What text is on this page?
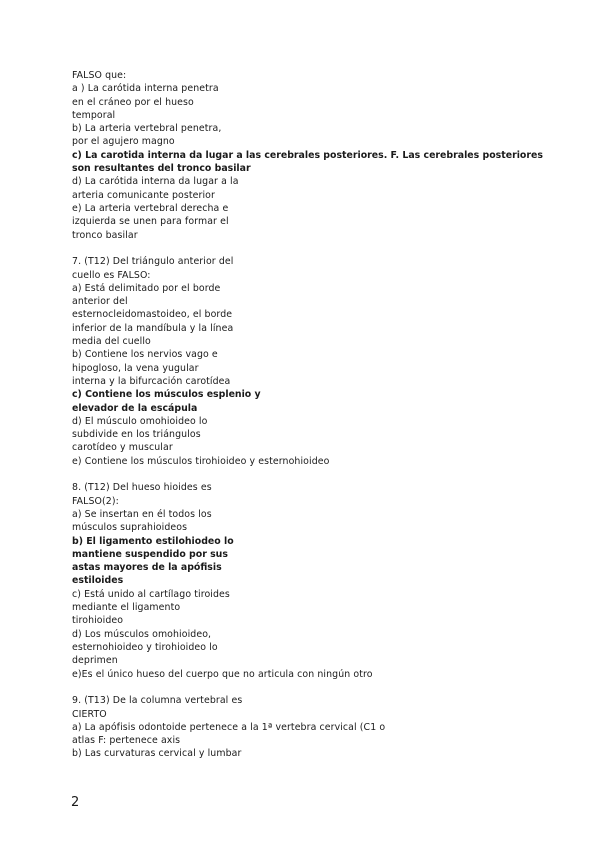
FALSO que:
a ) La carótida interna penetra
en el cráneo por el hueso
temporal
b) La arteria vertebral penetra,
por el agujero magno
c) La carotida interna da lugar a las cerebrales posteriores. F. Las cerebrales posteriores
son resultantes del tronco basilar
d) La carótida interna da lugar a la
arteria comunicante posterior
e) La arteria vertebral derecha e
izquierda se unen para formar el
tronco basilar
7. (T12) Del triángulo anterior del
cuello es FALSO:
a) Está delimitado por el borde
anterior del
esternocleidomastoideo, el borde
inferior de la mandíbula y la línea
media del cuello
b) Contiene los nervios vago e
hipogloso, la vena yugular
interna y la bifurcación carotídea
c) Contiene los músculos esplenio y
elevador de la escápula
d) El músculo omohioideo lo
subdivide en los triángulos
carotídeo y muscular
e) Contiene los músculos tirohioideo y esternohioideo
8. (T12) Del hueso hioides es
FALSO(2):
a) Se insertan en él todos los
músculos suprahioideos
b) El ligamento estilohiodeo lo
mantiene suspendido por sus
astas mayores de la apófisis
estiloides
c) Está unido al cartílago tiroides
mediante el ligamento
tirohioideo
d) Los músculos omohioideo,
esternohioideo y tirohioideo lo
deprimen
e)Es el único hueso del cuerpo que no articula con ningún otro
9. (T13) De la columna vertebral es
CIERTO
a) La apófisis odontoide pertenece a la 1ª vertebra cervical (C1 o
atlas F: pertenece axis
b) Las curvaturas cervical y lumbar
2
